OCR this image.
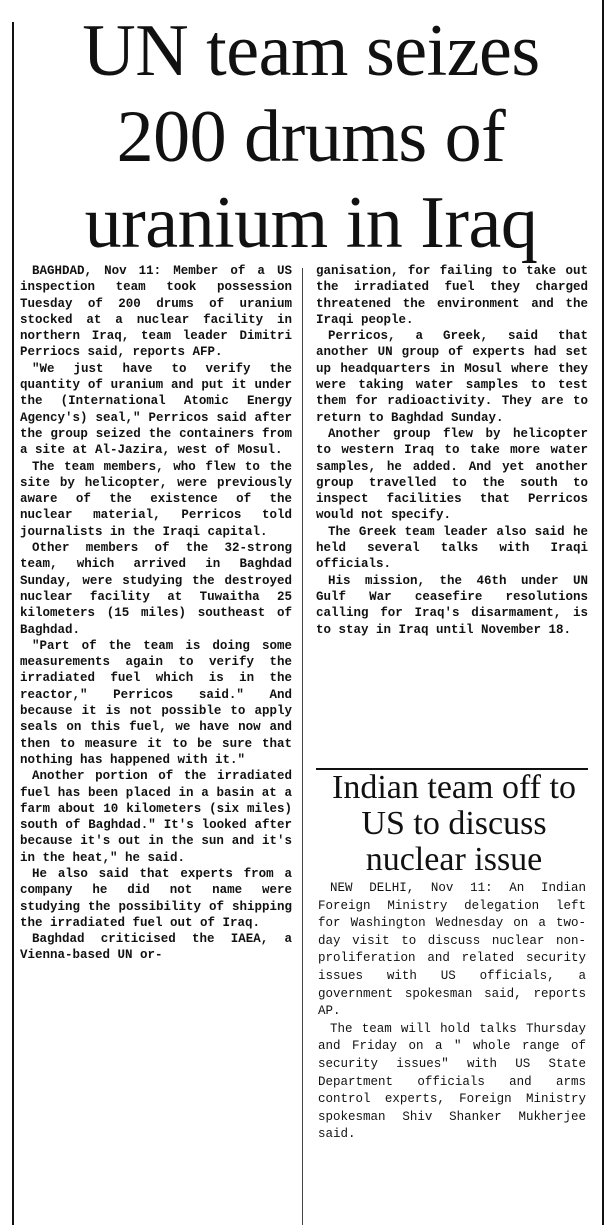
UN team seizes 200 drums of uranium in Iraq

BAGHDAD, Nov 11: Member of a US inspection team took possession Tuesday of 200 drums of uranium stocked at a nuclear facility in northern Iraq, team leader Dimitri Perriocs said, reports AFP.

"We just have to verify the quantity of uranium and put it under the (International Atomic Energy Agency's) seal," Perricos said after the group seized the containers from a site at Al-Jazira, west of Mosul.

The team members, who flew to the site by helicopter, were previously aware of the existence of the nuclear material, Perricos told journalists in the Iraqi capital.

Other members of the 32-strong team, which arrived in Baghdad Sunday, were studying the destroyed nuclear facility at Tuwaitha 25 kilometers (15 miles) southeast of Baghdad.

"Part of the team is doing some measurements again to verify the irradiated fuel which is in the reactor," Perricos said." And because it is not possible to apply seals on this fuel, we have now and then to measure it to be sure that nothing has happened with it."

Another portion of the irradiated fuel has been placed in a basin at a farm about 10 kilometers (six miles) south of Baghdad." It's looked after because it's out in the sun and it's in the heat," he said.

He also said that experts from a company he did not name were studying the possibility of shipping the irradiated fuel out of Iraq.

Baghdad criticised the IAEA, a Vienna-based UN or-

ganisation, for failing to take out the irradiated fuel they charged threatened the environment and the Iraqi people.

Perricos, a Greek, said that another UN group of experts had set up headquarters in Mosul where they were taking water samples to test them for radioactivity. They are to return to Baghdad Sunday.

Another group flew by helicopter to western Iraq to take more water samples, he added. And yet another group travelled to the south to inspect facilities that Perricos would not specify.

The Greek team leader also said he held several talks with Iraqi officials.

His mission, the 46th under UN Gulf War ceasefire resolutions calling for Iraq's disarmament, is to stay in Iraq until November 18.

Indian team off to US to discuss nuclear issue

NEW DELHI, Nov 11: An Indian Foreign Ministry delegation left for Washington Wednesday on a two-day visit to discuss nuclear non-proliferation and related security issues with US officials, a government spokesman said, reports AP.

The team will hold talks Thursday and Friday on a " whole range of security issues" with US State Department officials and arms control experts, Foreign Ministry spokesman Shiv Shanker Mukherjee said.
